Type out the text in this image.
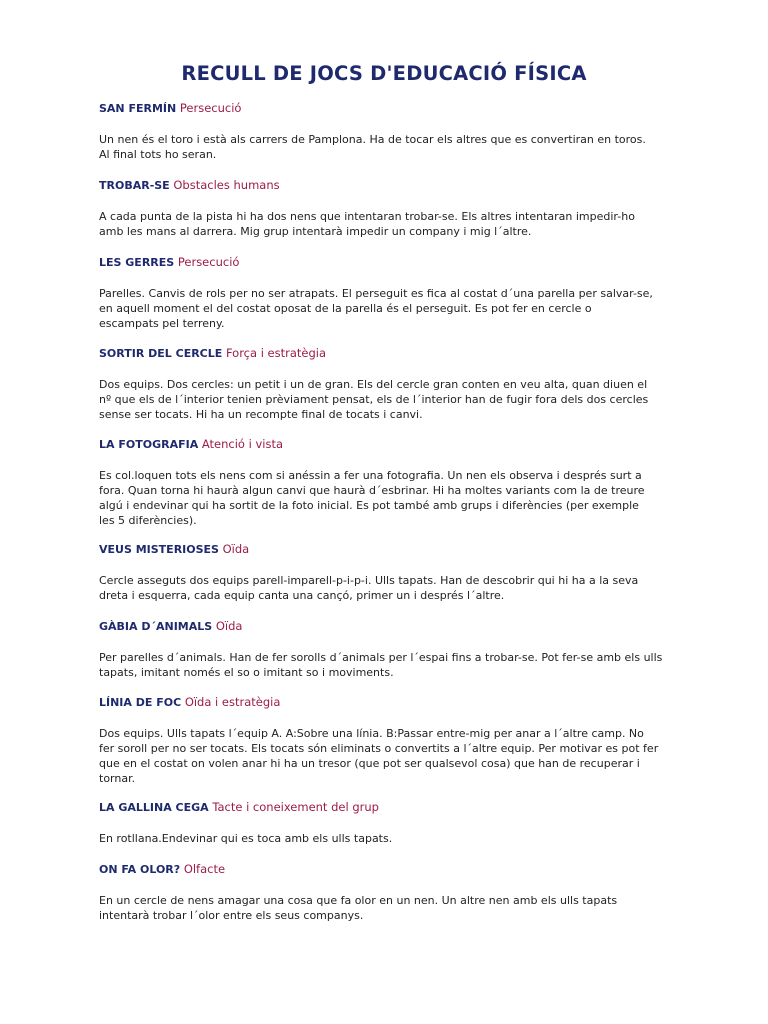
RECULL DE JOCS D'EDUCACIÓ FÍSICA

SAN FERMÍN Persecució

Un nen és el toro i està als carrers de Pamplona. Ha de tocar els altres que es convertiran en toros.
Al final tots ho seran.

TROBAR-SE Obstacles humans

A cada punta de la pista hi ha dos nens que intentaran trobar-se. Els altres intentaran impedir-ho
amb les mans al darrera. Mig grup intentarà impedir un company i mig l´altre.

LES GERRES Persecució

Parelles. Canvis de rols per no ser atrapats. El perseguit es fica al costat d´una parella per salvar-se,
en aquell moment el del costat oposat de la parella és el perseguit. Es pot fer en cercle o
escampats pel terreny.

SORTIR DEL CERCLE Força i estratègia

Dos equips. Dos cercles: un petit i un de gran. Els del cercle gran conten en veu alta, quan diuen el
nº que els de l´interior tenien prèviament pensat, els de l´interior han de fugir fora dels dos cercles
sense ser tocats. Hi ha un recompte final de tocats i canvi.

LA FOTOGRAFIA Atenció i vista

Es col.loquen tots els nens com si anéssin a fer una fotografia. Un nen els observa i després surt a
fora. Quan torna hi haurà algun canvi que haurà d´esbrinar. Hi ha moltes variants com la de treure
algú i endevinar qui ha sortit de la foto inicial. Es pot també amb grups i diferències (per exemple
les 5 diferències).

VEUS MISTERIOSES Oïda

Cercle asseguts dos equips parell-imparell-p-i-p-i. Ulls tapats. Han de descobrir qui hi ha a la seva
dreta i esquerra, cada equip canta una cançó, primer un i després l´altre.

GÀBIA D´ANIMALS Oïda

Per parelles d´animals. Han de fer sorolls d´animals per l´espai fins a trobar-se. Pot fer-se amb els ulls
tapats, imitant només el so o imitant so i moviments.

LÍNIA DE FOC Oïda i estratègia

Dos equips. Ulls tapats l´equip A. A:Sobre una línia. B:Passar entre-mig per anar a l´altre camp. No
fer soroll per no ser tocats. Els tocats són eliminats o convertits a l´altre equip. Per motivar es pot fer
que en el costat on volen anar hi ha un tresor (que pot ser qualsevol cosa) que han de recuperar i
tornar.

LA GALLINA CEGA Tacte i coneixement del grup

En rotllana.Endevinar qui es toca amb els ulls tapats.

ON FA OLOR? Olfacte

En un cercle de nens amagar una cosa que fa olor en un nen. Un altre nen amb els ulls tapats
intentarà trobar l´olor entre els seus companys.
